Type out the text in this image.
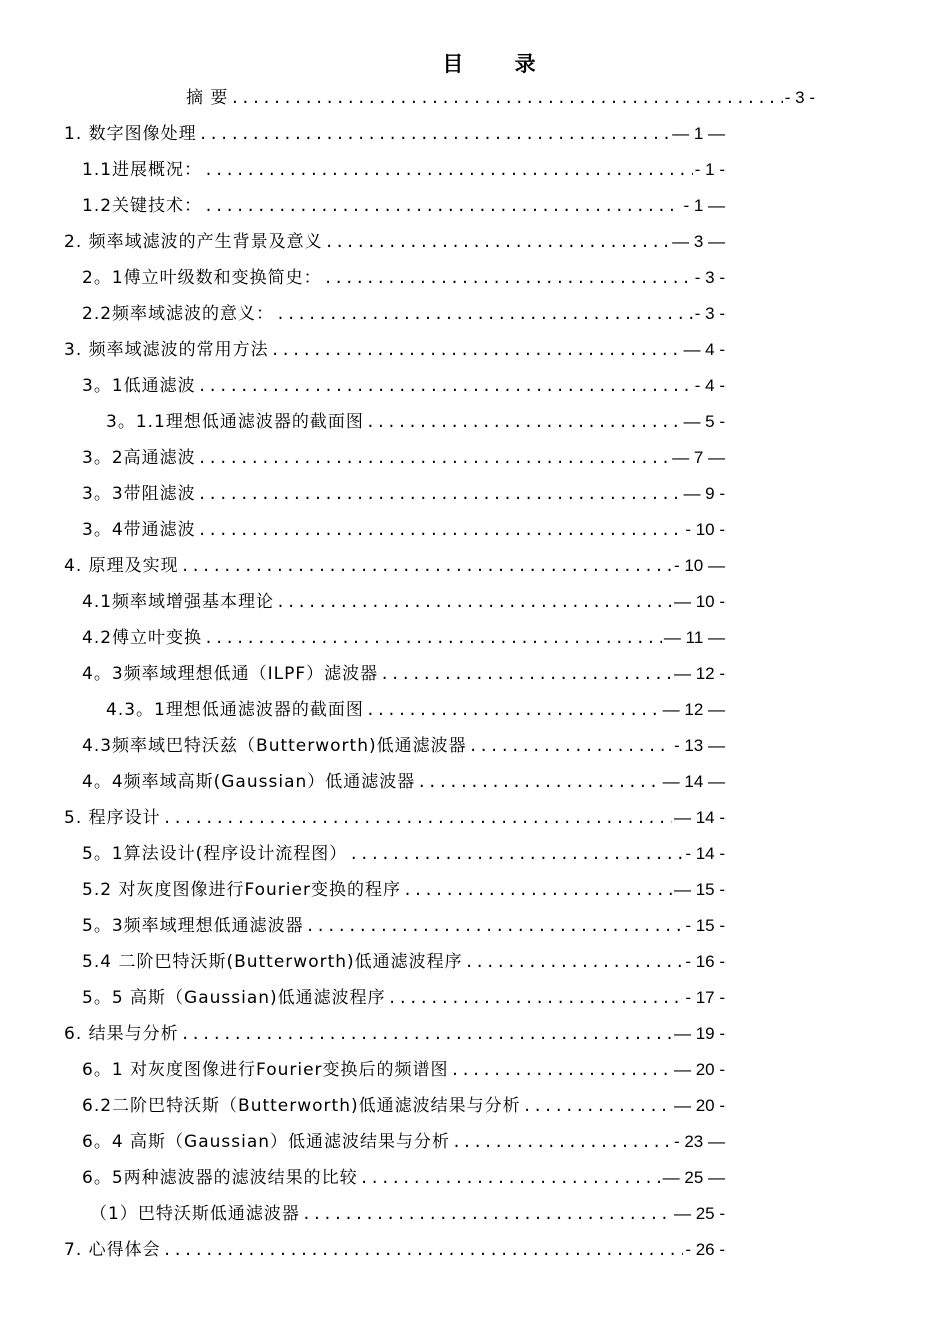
目 录
摘 要 .....	- 3 -
1. 数字图像处理 .....	— 1 —
1.1进展概况： .....	- 1 -
1.2关键技术： .....	- 1 —
2. 频率域滤波的产生背景及意义 .....	— 3 —
2。1傅立叶级数和变换简史： .....	- 3 -
2.2频率域滤波的意义： .....	- 3 -
3. 频率域滤波的常用方法 .....	— 4 -
3。1低通滤波 .....	- 4 -
3。1.1理想低通滤波器的截面图 .....	— 5 -
3。2高通滤波 .....	— 7 —
3。3带阻滤波 .....	— 9 -
3。4带通滤波 .....	- 10 -
4. 原理及实现 .....	- 10 —
4.1频率域增强基本理论 .....	— 10 -
4.2傅立叶变换 .....	— 11 —
4。3频率域理想低通（ILPF）滤波器 .....	— 12 -
4.3。1理想低通滤波器的截面图 .....	— 12 —
4.3频率域巴特沃兹（Butterworth)低通滤波器 .....	- 13 —
4。4频率域高斯(Gaussian）低通滤波器 .....	— 14 —
5. 程序设计 .....	— 14 -
5。1算法设计(程序设计流程图） .....	- 14 -
5.2 对灰度图像进行Fourier变换的程序 .....	— 15 -
5。3频率域理想低通滤波器 .....	- 15 -
5.4 二阶巴特沃斯(Butterworth)低通滤波程序 .....	- 16 -
5。5 高斯（Gaussian)低通滤波程序 .....	- 17 -
6. 结果与分析 .....	— 19 -
6。1 对灰度图像进行Fourier变换后的频谱图 .....	— 20 -
6.2二阶巴特沃斯（Butterworth)低通滤波结果与分析 .....	— 20 -
6。4 高斯（Gaussian）低通滤波结果与分析 .....	- 23 —
6。5两种滤波器的滤波结果的比较 .....	— 25 —
（1）巴特沃斯低通滤波器 .....	— 25 -
7. 心得体会 .....	- 26 -
